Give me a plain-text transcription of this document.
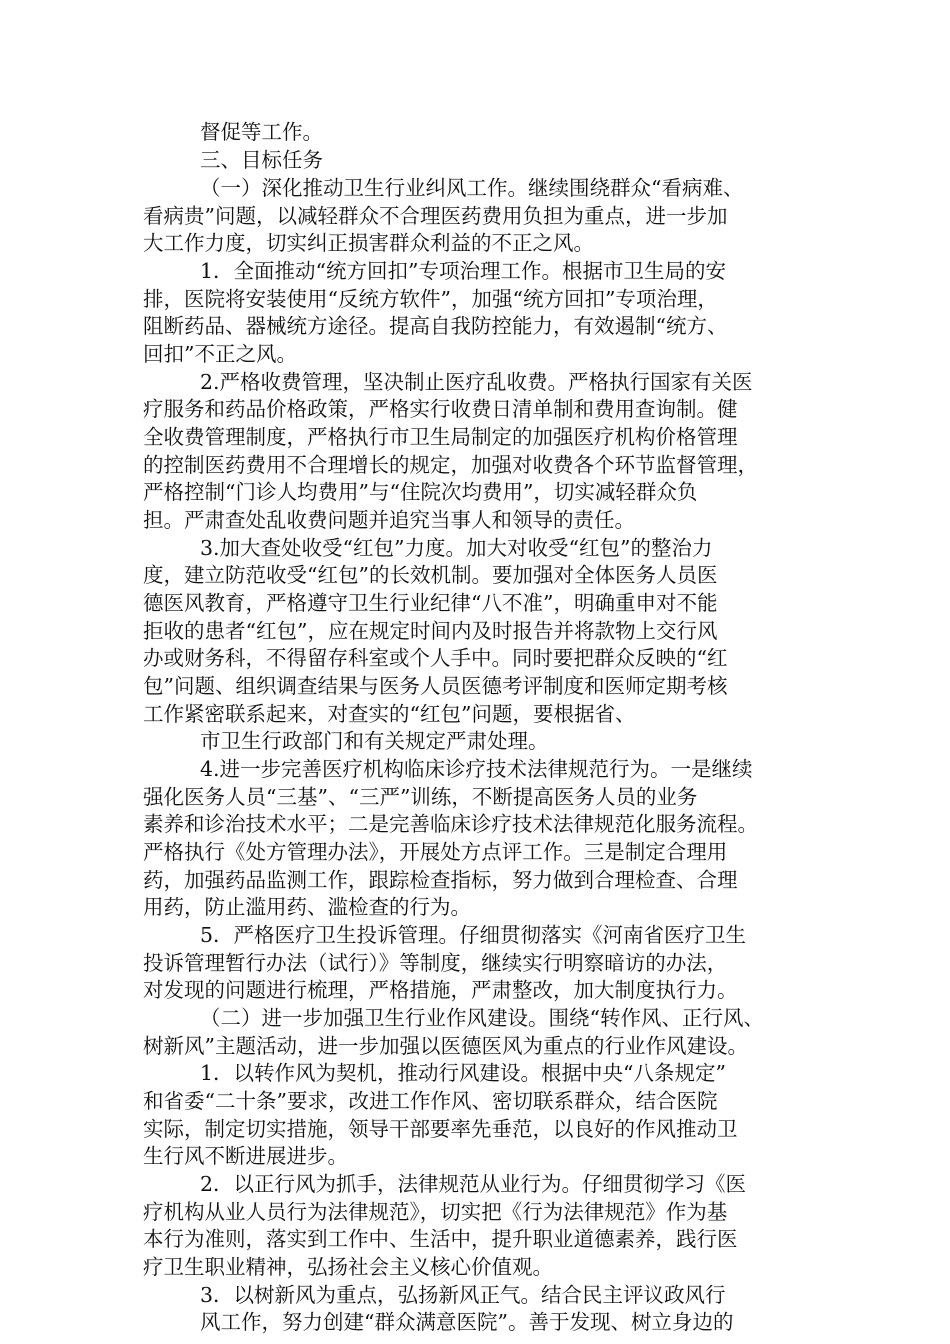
督促等工作。
三、目标任务
（一）深化推动卫生行业纠风工作。继续围绕群众“看病难、
看病贵”问题，以减轻群众不合理医药费用负担为重点，进一步加
大工作力度，切实纠正损害群众利益的不正之风。
1．全面推动“统方回扣”专项治理工作。根据市卫生局的安
排，医院将安装使用“反统方软件”，加强“统方回扣”专项治理，
阻断药品、器械统方途径。提高自我防控能力，有效遏制“统方、
回扣”不正之风。
2.严格收费管理，坚决制止医疗乱收费。严格执行国家有关医
疗服务和药品价格政策，严格实行收费日清单制和费用查询制。健
全收费管理制度，严格执行市卫生局制定的加强医疗机构价格管理
的控制医药费用不合理增长的规定，加强对收费各个环节监督管理，
严格控制“门诊人均费用”与“住院次均费用”，切实减轻群众负
担。严肃查处乱收费问题并追究当事人和领导的责任。
3.加大查处收受“红包”力度。加大对收受“红包”的整治力
度，建立防范收受“红包”的长效机制。要加强对全体医务人员医
德医风教育，严格遵守卫生行业纪律“八不准”，明确重申对不能
拒收的患者“红包”，应在规定时间内及时报告并将款物上交行风
办或财务科，不得留存科室或个人手中。同时要把群众反映的“红
包”问题、组织调查结果与医务人员医德考评制度和医师定期考核
工作紧密联系起来，对查实的“红包”问题，要根据省、
市卫生行政部门和有关规定严肃处理。
4.进一步完善医疗机构临床诊疗技术法律规范行为。一是继续
强化医务人员“三基”、“三严”训练，不断提高医务人员的业务
素养和诊治技术水平；二是完善临床诊疗技术法律规范化服务流程。
严格执行《处方管理办法》，开展处方点评工作。三是制定合理用
药，加强药品监测工作，跟踪检查指标，努力做到合理检查、合理
用药，防止滥用药、滥检查的行为。
5．严格医疗卫生投诉管理。仔细贯彻落实《河南省医疗卫生
投诉管理暂行办法（试行）》等制度，继续实行明察暗访的办法，
对发现的问题进行梳理，严格措施，严肃整改，加大制度执行力。
（二）进一步加强卫生行业作风建设。围绕“转作风、正行风、
树新风”主题活动，进一步加强以医德医风为重点的行业作风建设。
1．以转作风为契机，推动行风建设。根据中央“八条规定”
和省委“二十条”要求，改进工作作风、密切联系群众，结合医院
实际，制定切实措施，领导干部要率先垂范，以良好的作风推动卫
生行风不断进展进步。
2．以正行风为抓手，法律规范从业行为。仔细贯彻学习《医
疗机构从业人员行为法律规范》，切实把《行为法律规范》作为基
本行为准则，落实到工作中、生活中，提升职业道德素养，践行医
疗卫生职业精神，弘扬社会主义核心价值观。
3．以树新风为重点，弘扬新风正气。结合民主评议政风行
风工作，努力创建“群众满意医院”。善于发现、树立身边的
